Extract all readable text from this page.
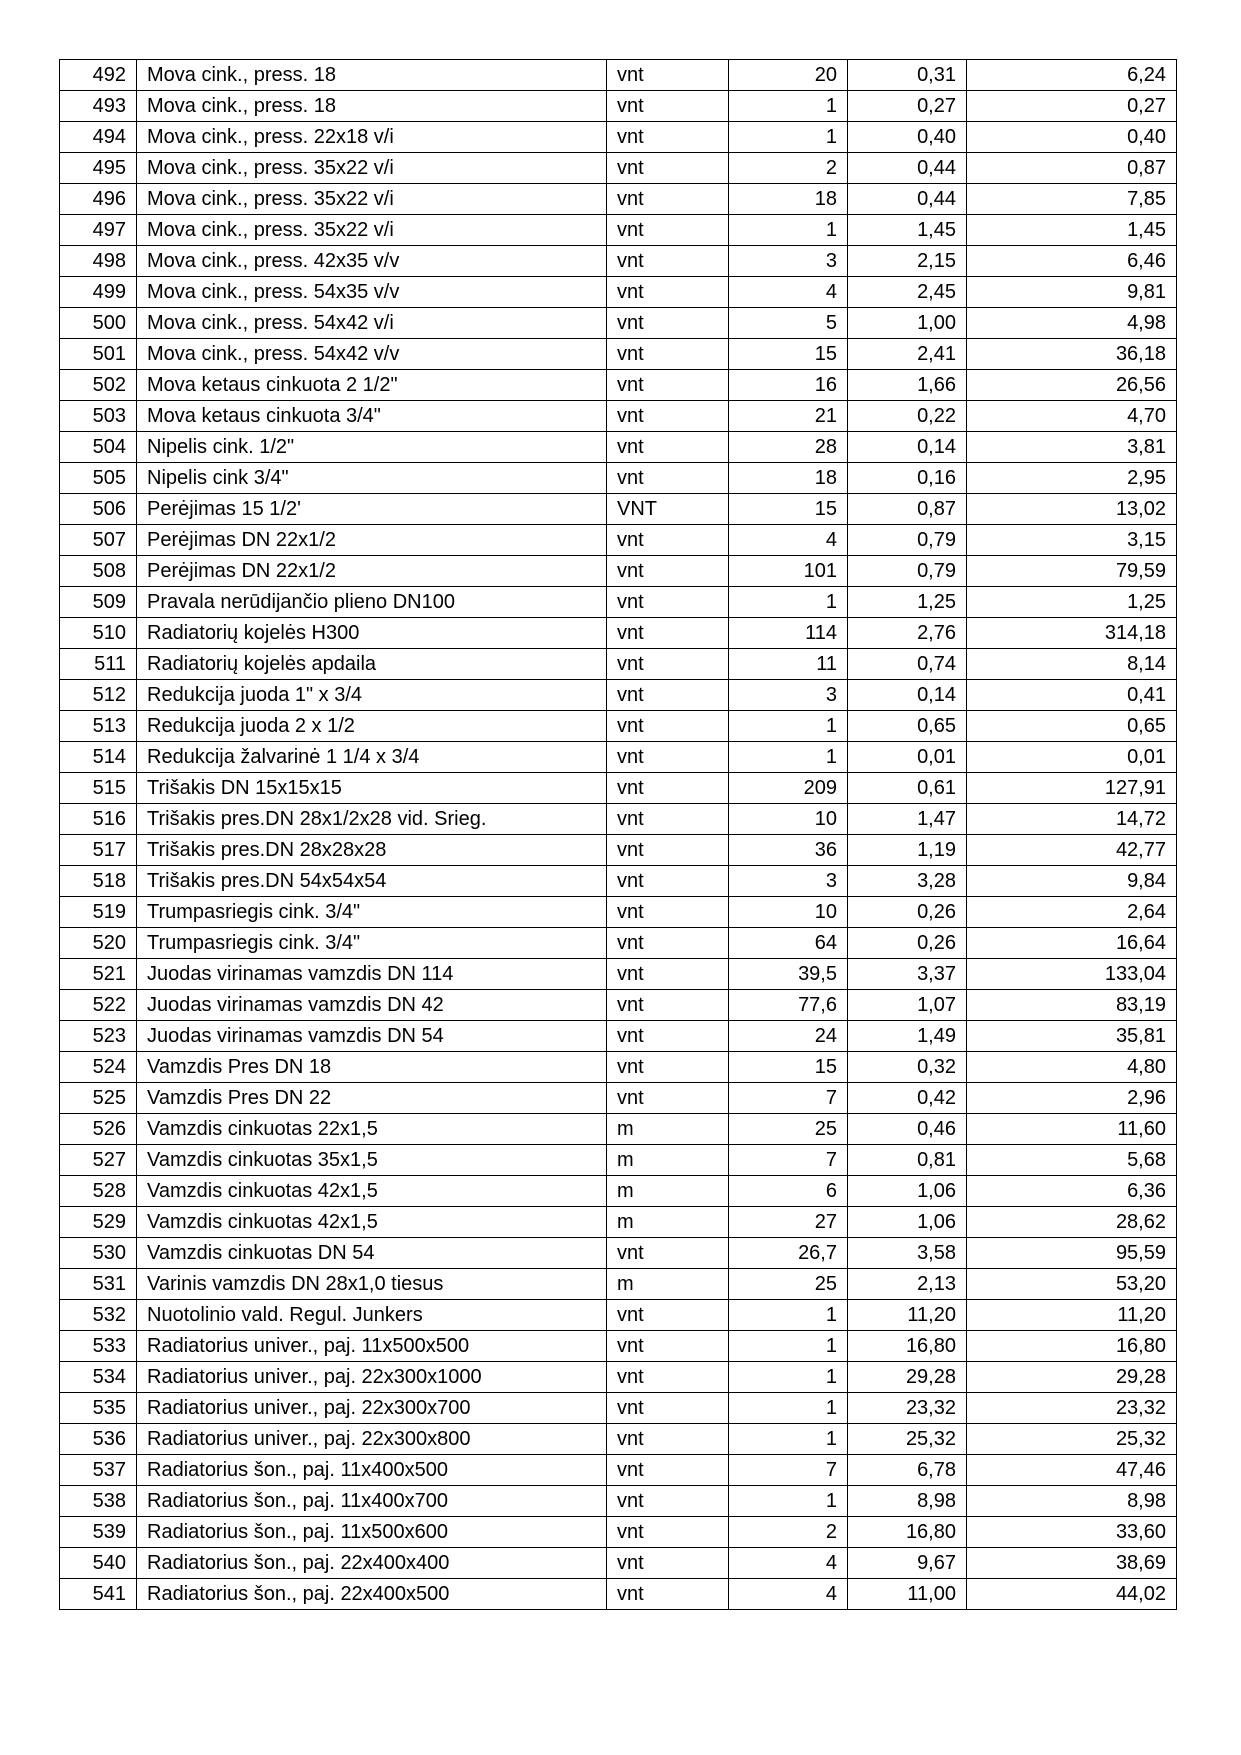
492	Mova cink., press. 18	vnt	20	0,31	6,24
493	Mova cink., press. 18	vnt	1	0,27	0,27
494	Mova cink., press. 22x18 v/i	vnt	1	0,40	0,40
495	Mova cink., press. 35x22 v/i	vnt	2	0,44	0,87
496	Mova cink., press. 35x22 v/i	vnt	18	0,44	7,85
497	Mova cink., press. 35x22 v/i	vnt	1	1,45	1,45
498	Mova cink., press. 42x35 v/v	vnt	3	2,15	6,46
499	Mova cink., press. 54x35 v/v	vnt	4	2,45	9,81
500	Mova cink., press. 54x42 v/i	vnt	5	1,00	4,98
501	Mova cink., press. 54x42 v/v	vnt	15	2,41	36,18
502	Mova ketaus cinkuota 2 1/2"	vnt	16	1,66	26,56
503	Mova ketaus cinkuota 3/4"	vnt	21	0,22	4,70
504	Nipelis cink. 1/2"	vnt	28	0,14	3,81
505	Nipelis cink 3/4"	vnt	18	0,16	2,95
506	Perėjimas 15 1/2'	VNT	15	0,87	13,02
507	Perėjimas DN 22x1/2	vnt	4	0,79	3,15
508	Perėjimas DN 22x1/2	vnt	101	0,79	79,59
509	Pravala nerūdijančio plieno DN100	vnt	1	1,25	1,25
510	Radiatorių kojelės H300	vnt	114	2,76	314,18
511	Radiatorių kojelės apdaila	vnt	11	0,74	8,14
512	Redukcija juoda 1" x 3/4	vnt	3	0,14	0,41
513	Redukcija juoda 2 x 1/2	vnt	1	0,65	0,65
514	Redukcija žalvarinė 1 1/4 x 3/4	vnt	1	0,01	0,01
515	Trišakis DN 15x15x15	vnt	209	0,61	127,91
516	Trišakis pres.DN 28x1/2x28 vid. Srieg.	vnt	10	1,47	14,72
517	Trišakis pres.DN 28x28x28	vnt	36	1,19	42,77
518	Trišakis pres.DN 54x54x54	vnt	3	3,28	9,84
519	Trumpasriegis cink. 3/4"	vnt	10	0,26	2,64
520	Trumpasriegis cink. 3/4"	vnt	64	0,26	16,64
521	Juodas virinamas vamzdis DN 114	vnt	39,5	3,37	133,04
522	Juodas virinamas vamzdis DN 42	vnt	77,6	1,07	83,19
523	Juodas virinamas vamzdis DN 54	vnt	24	1,49	35,81
524	Vamzdis Pres DN 18	vnt	15	0,32	4,80
525	Vamzdis Pres DN 22	vnt	7	0,42	2,96
526	Vamzdis cinkuotas 22x1,5	m	25	0,46	11,60
527	Vamzdis cinkuotas 35x1,5	m	7	0,81	5,68
528	Vamzdis cinkuotas 42x1,5	m	6	1,06	6,36
529	Vamzdis cinkuotas 42x1,5	m	27	1,06	28,62
530	Vamzdis cinkuotas DN 54	vnt	26,7	3,58	95,59
531	Varinis vamzdis DN 28x1,0 tiesus	m	25	2,13	53,20
532	Nuotolinio vald. Regul. Junkers	vnt	1	11,20	11,20
533	Radiatorius univer., paj. 11x500x500	vnt	1	16,80	16,80
534	Radiatorius univer., paj. 22x300x1000	vnt	1	29,28	29,28
535	Radiatorius univer., paj. 22x300x700	vnt	1	23,32	23,32
536	Radiatorius univer., paj. 22x300x800	vnt	1	25,32	25,32
537	Radiatorius šon., paj. 11x400x500	vnt	7	6,78	47,46
538	Radiatorius šon., paj. 11x400x700	vnt	1	8,98	8,98
539	Radiatorius šon., paj. 11x500x600	vnt	2	16,80	33,60
540	Radiatorius šon., paj. 22x400x400	vnt	4	9,67	38,69
541	Radiatorius šon., paj. 22x400x500	vnt	4	11,00	44,02
